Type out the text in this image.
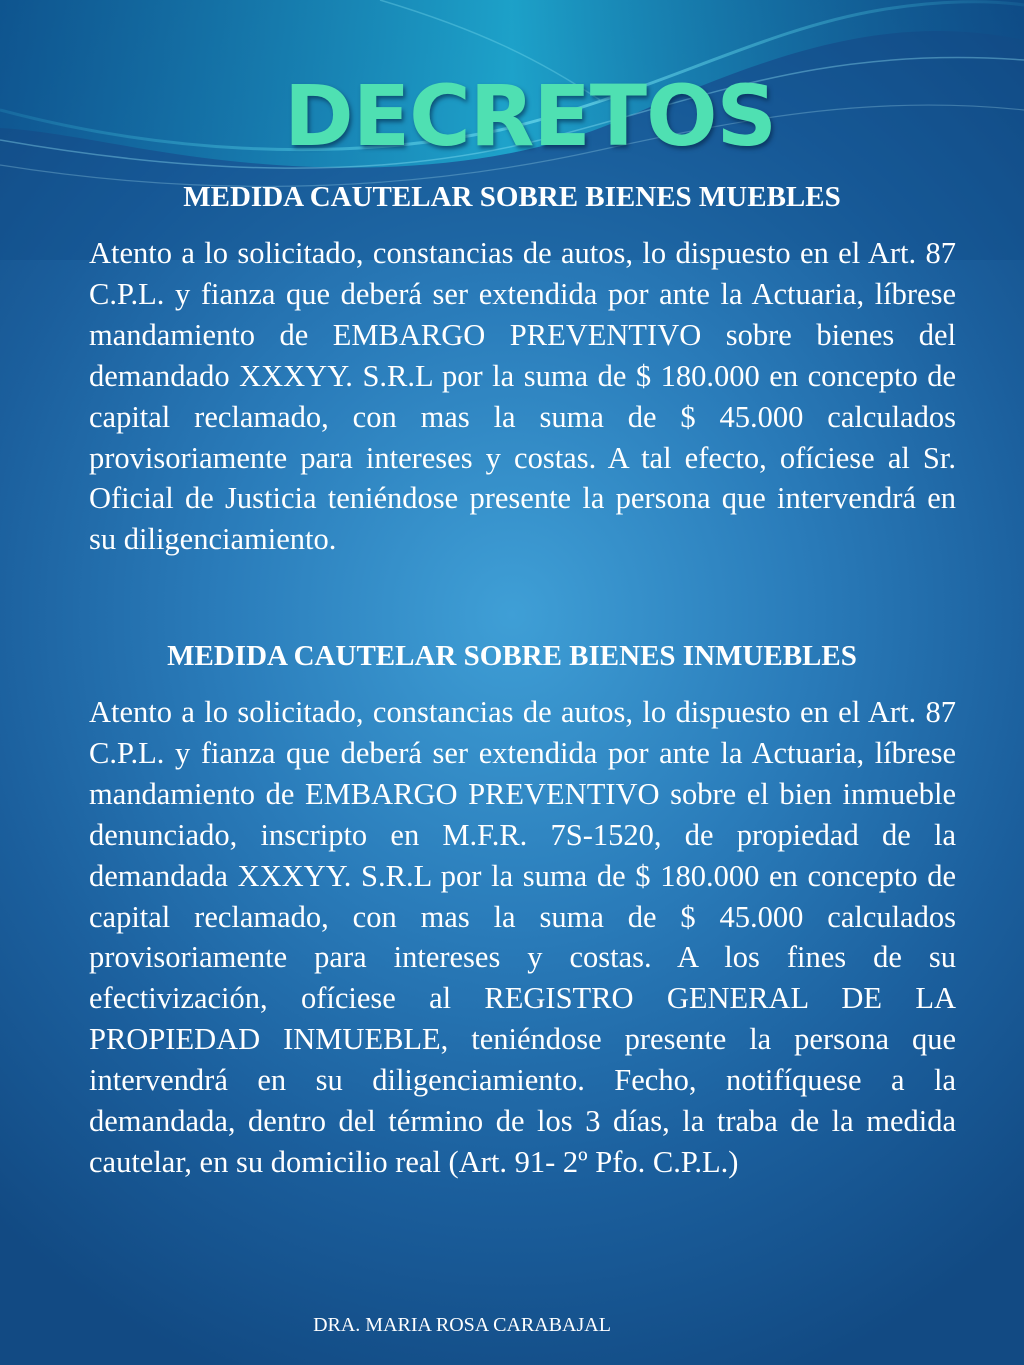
DECRETOS
MEDIDA CAUTELAR SOBRE BIENES MUEBLES

Atento a lo solicitado, constancias de autos, lo dispuesto en el Art. 87 C.P.L. y fianza que deberá ser extendida por ante la Actuaria, líbrese mandamiento de EMBARGO PREVENTIVO sobre bienes del demandado XXXYY. S.R.L por la suma de $ 180.000 en concepto de capital reclamado, con mas la suma de $ 45.000 calculados provisoriamente para intereses y costas. A tal efecto, ofíciese al Sr. Oficial de Justicia teniéndose presente la persona que intervendrá en su diligenciamiento.

MEDIDA CAUTELAR SOBRE BIENES INMUEBLES

Atento a lo solicitado, constancias de autos, lo dispuesto en el Art. 87 C.P.L. y fianza que deberá ser extendida por ante la Actuaria, líbrese mandamiento de EMBARGO PREVENTIVO sobre el bien inmueble denunciado, inscripto en M.F.R. 7S-1520, de propiedad de la demandada XXXYY. S.R.L por la suma de $ 180.000 en concepto de capital reclamado, con mas la suma de $ 45.000 calculados provisoriamente para intereses y costas. A los fines de su efectivización, ofíciese al REGISTRO GENERAL DE LA PROPIEDAD INMUEBLE, teniéndose presente la persona que intervendrá en su diligenciamiento. Fecho, notifíquese a la demandada, dentro del término de los 3 días, la traba de la medida cautelar, en su domicilio real (Art. 91- 2º Pfo. C.P.L.)

DRA. MARIA ROSA CARABAJAL
